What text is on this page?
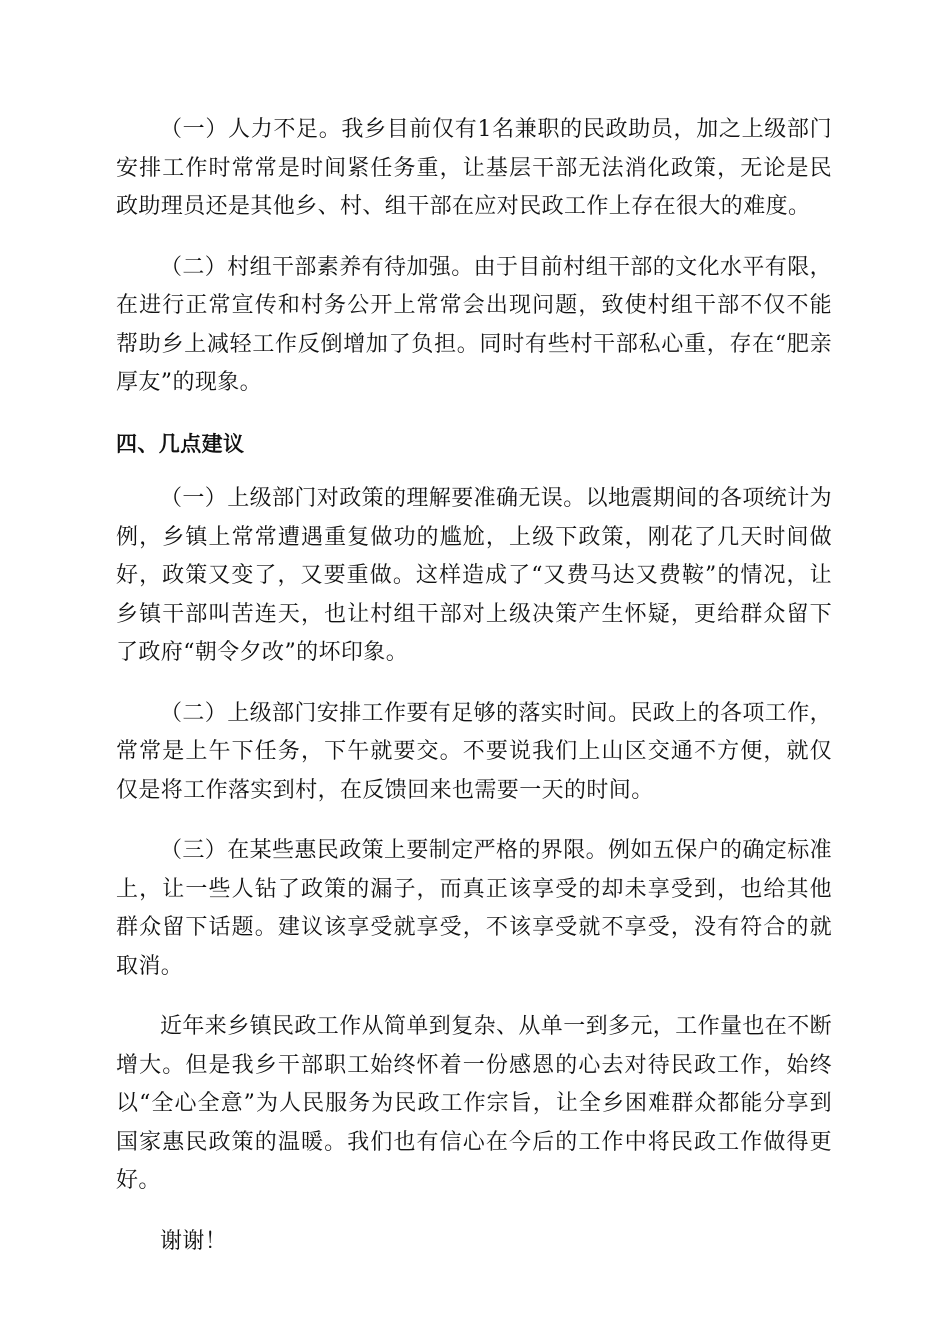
（一）人力不足。我乡目前仅有1名兼职的民政助员，加之上级部门安排工作时常常是时间紧任务重，让基层干部无法消化政策，无论是民政助理员还是其他乡、村、组干部在应对民政工作上存在很大的难度。

（二）村组干部素养有待加强。由于目前村组干部的文化水平有限，在进行正常宣传和村务公开上常常会出现问题，致使村组干部不仅不能帮助乡上减轻工作反倒增加了负担。同时有些村干部私心重，存在“肥亲厚友”的现象。

四、几点建议

（一）上级部门对政策的理解要准确无误。以地震期间的各项统计为例，乡镇上常常遭遇重复做功的尴尬，上级下政策，刚花了几天时间做好，政策又变了，又要重做。这样造成了“又费马达又费鞍”的情况，让乡镇干部叫苦连天，也让村组干部对上级决策产生怀疑，更给群众留下了政府“朝令夕改”的坏印象。

（二）上级部门安排工作要有足够的落实时间。民政上的各项工作，常常是上午下任务，下午就要交。不要说我们上山区交通不方便，就仅仅是将工作落实到村，在反馈回来也需要一天的时间。

（三）在某些惠民政策上要制定严格的界限。例如五保户的确定标准上，让一些人钻了政策的漏子，而真正该享受的却未享受到，也给其他群众留下话题。建议该享受就享受，不该享受就不享受，没有符合的就取消。

近年来乡镇民政工作从简单到复杂、从单一到多元，工作量也在不断增大。但是我乡干部职工始终怀着一份感恩的心去对待民政工作，始终以“全心全意”为人民服务为民政工作宗旨，让全乡困难群众都能分享到国家惠民政策的温暖。我们也有信心在今后的工作中将民政工作做得更好。

谢谢！
